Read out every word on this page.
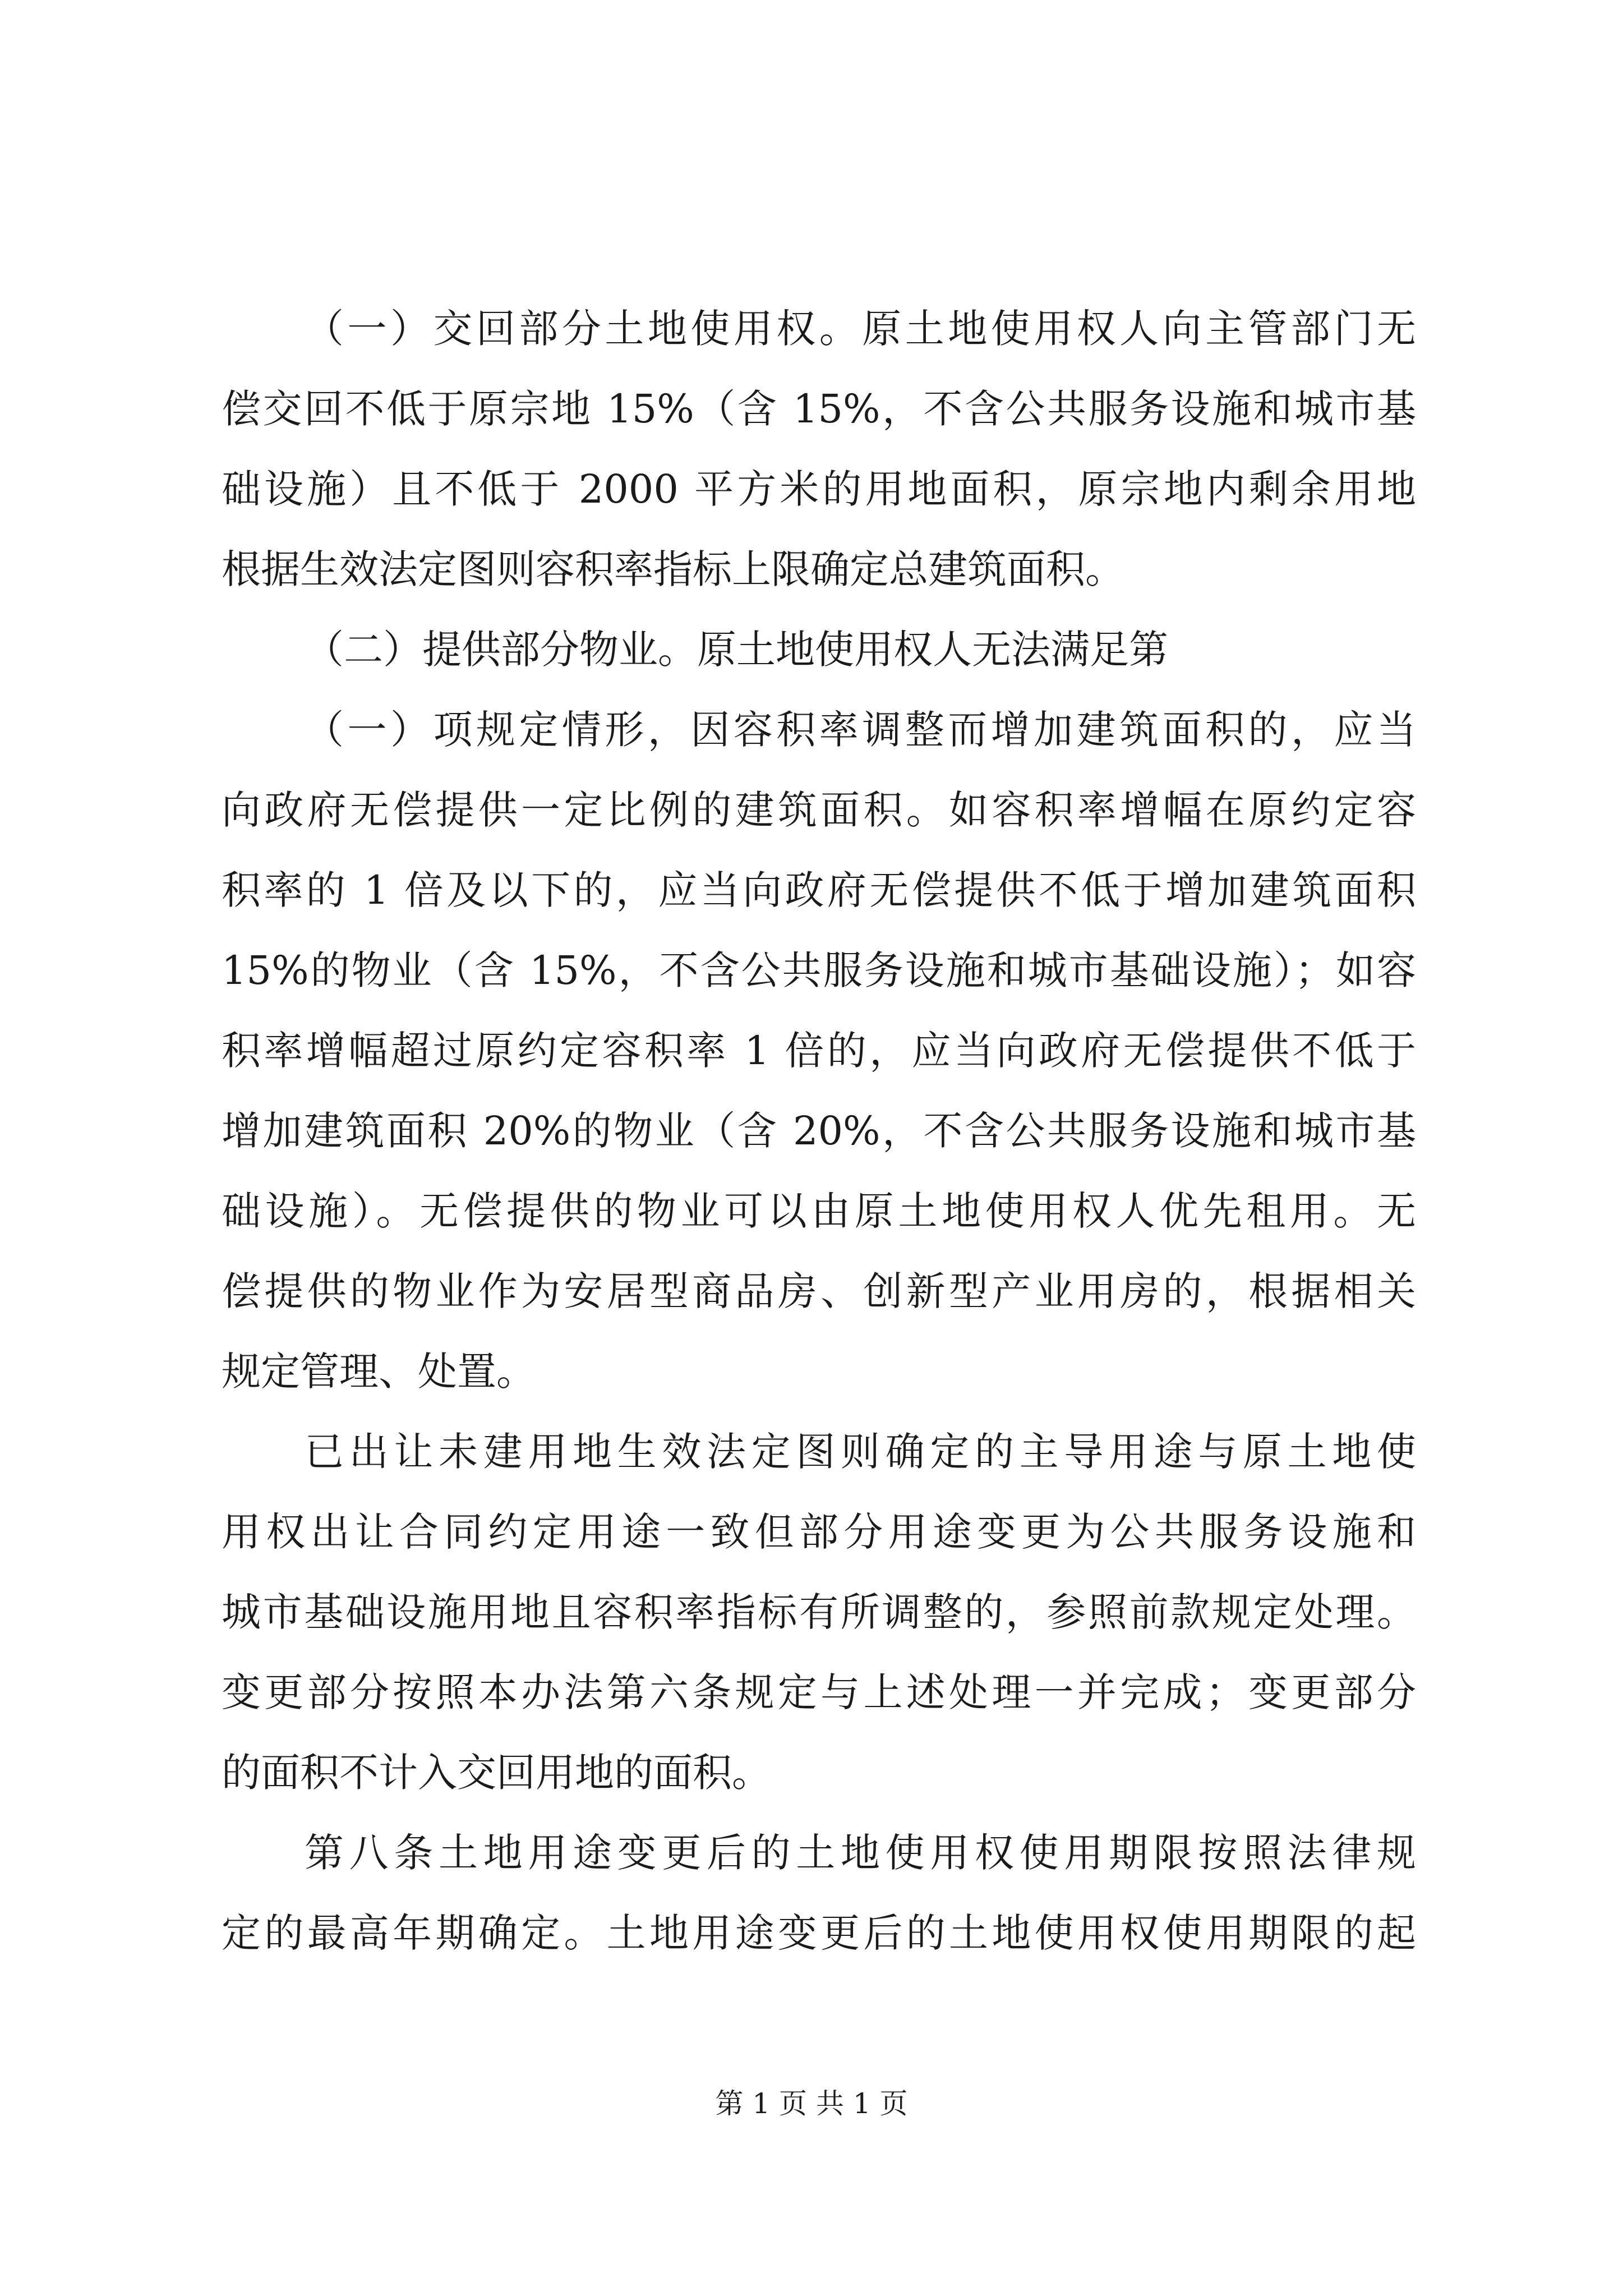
（一）交回部分土地使用权。原土地使用权人向主管部门无
偿交回不低于原宗地 15%（含 15%，不含公共服务设施和城市基
础设施）且不低于 2000 平方米的用地面积，原宗地内剩余用地
根据生效法定图则容积率指标上限确定总建筑面积。
（二）提供部分物业。原土地使用权人无法满足第
（一）项规定情形，因容积率调整而增加建筑面积的，应当
向政府无偿提供一定比例的建筑面积。如容积率增幅在原约定容
积率的 1 倍及以下的，应当向政府无偿提供不低于增加建筑面积
15%的物业（含 15%，不含公共服务设施和城市基础设施）；如容
积率增幅超过原约定容积率 1 倍的，应当向政府无偿提供不低于
增加建筑面积 20%的物业（含 20%，不含公共服务设施和城市基
础设施）。无偿提供的物业可以由原土地使用权人优先租用。无
偿提供的物业作为安居型商品房、创新型产业用房的，根据相关
规定管理、处置。
已出让未建用地生效法定图则确定的主导用途与原土地使
用权出让合同约定用途一致但部分用途变更为公共服务设施和
城市基础设施用地且容积率指标有所调整的，参照前款规定处理。
变更部分按照本办法第六条规定与上述处理一并完成；变更部分
的面积不计入交回用地的面积。
第八条土地用途变更后的土地使用权使用期限按照法律规
定的最高年期确定。土地用途变更后的土地使用权使用期限的起
第 1 页 共 1 页
